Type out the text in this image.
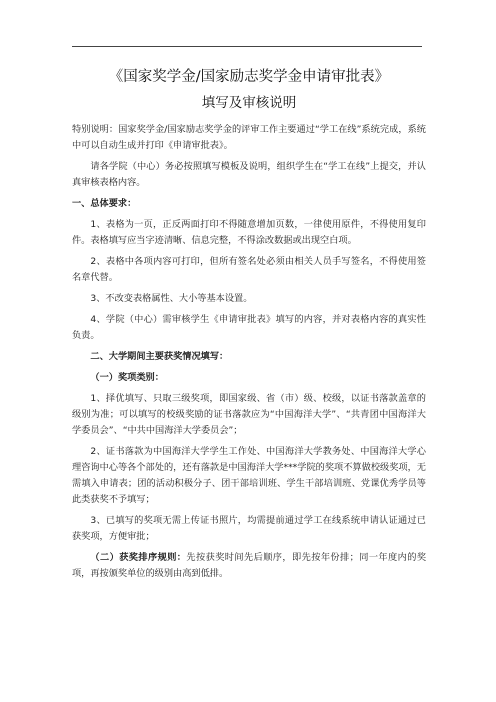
《国家奖学金/国家励志奖学金申请审批表》
填写及审核说明

特别说明：国家奖学金/国家励志奖学金的评审工作主要通过“学工在线”系统完成，系统中可以自动生成并打印《申请审批表》。

请各学院（中心）务必按照填写模板及说明，组织学生在“学工在线”上提交，并认真审核表格内容。

一、总体要求：

1、表格为一页，正反两面打印不得随意增加页数，一律使用原件，不得使用复印件。表格填写应当字迹清晰、信息完整，不得涂改数据或出现空白项。

2、表格中各项内容可打印，但所有签名处必须由相关人员手写签名，不得使用签名章代替。

3、不改变表格属性、大小等基本设置。

4、学院（中心）需审核学生《申请审批表》填写的内容，并对表格内容的真实性负责。

二、大学期间主要获奖情况填写：

（一）奖项类别：

1、择优填写、只取三级奖项，即国家级、省（市）级、校级，以证书落款盖章的级别为准；可以填写的校级奖励的证书落款应为“中国海洋大学”、“共青团中国海洋大学委员会”、“中共中国海洋大学委员会”；

2、证书落款为中国海洋大学学生工作处、中国海洋大学教务处、中国海洋大学心理咨询中心等各个部处的，还有落款是中国海洋大学***学院的奖项不算做校级奖项，无需填入申请表；团的活动积极分子、团干部培训班、学生干部培训班、党课优秀学员等此类获奖不予填写；

3、已填写的奖项无需上传证书照片，均需提前通过学工在线系统申请认证通过已获奖项，方便审批；

（二）获奖排序规则：先按获奖时间先后顺序，即先按年份排；同一年度内的奖项，再按颁奖单位的级别由高到低排。
